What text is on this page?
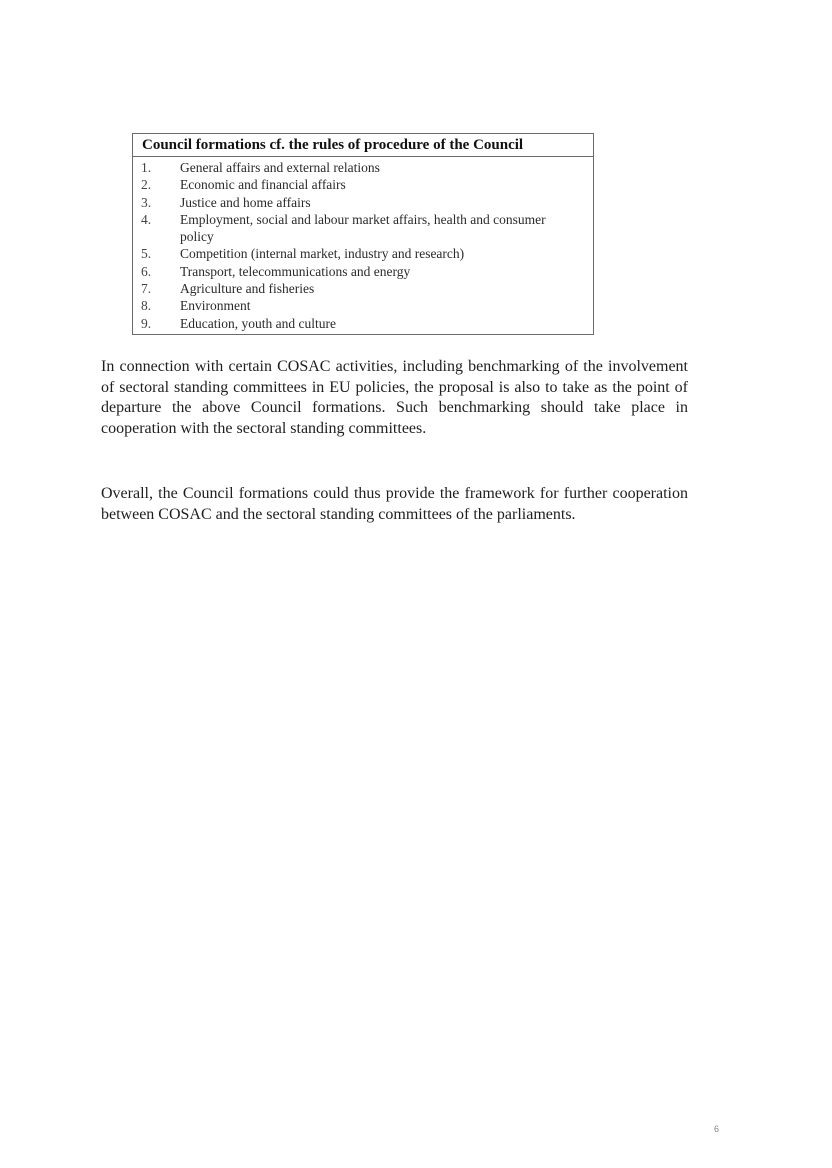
Council formations cf. the rules of procedure of the Council
1.	General affairs and external relations
2.	Economic and financial affairs
3.	Justice and home affairs
4.	Employment, social and labour market affairs, health and consumer policy
5.	Competition (internal market, industry and research)
6.	Transport, telecommunications and energy
7.	Agriculture and fisheries
8.	Environment
9.	Education, youth and culture

In connection with certain COSAC activities, including benchmarking of the involvement of sectoral standing committees in EU policies, the proposal is also to take as the point of departure the above Council formations. Such benchmarking should take place in cooperation with the sectoral standing committees.

Overall, the Council formations could thus provide the framework for further cooperation between COSAC and the sectoral standing committees of the parliaments.

6
